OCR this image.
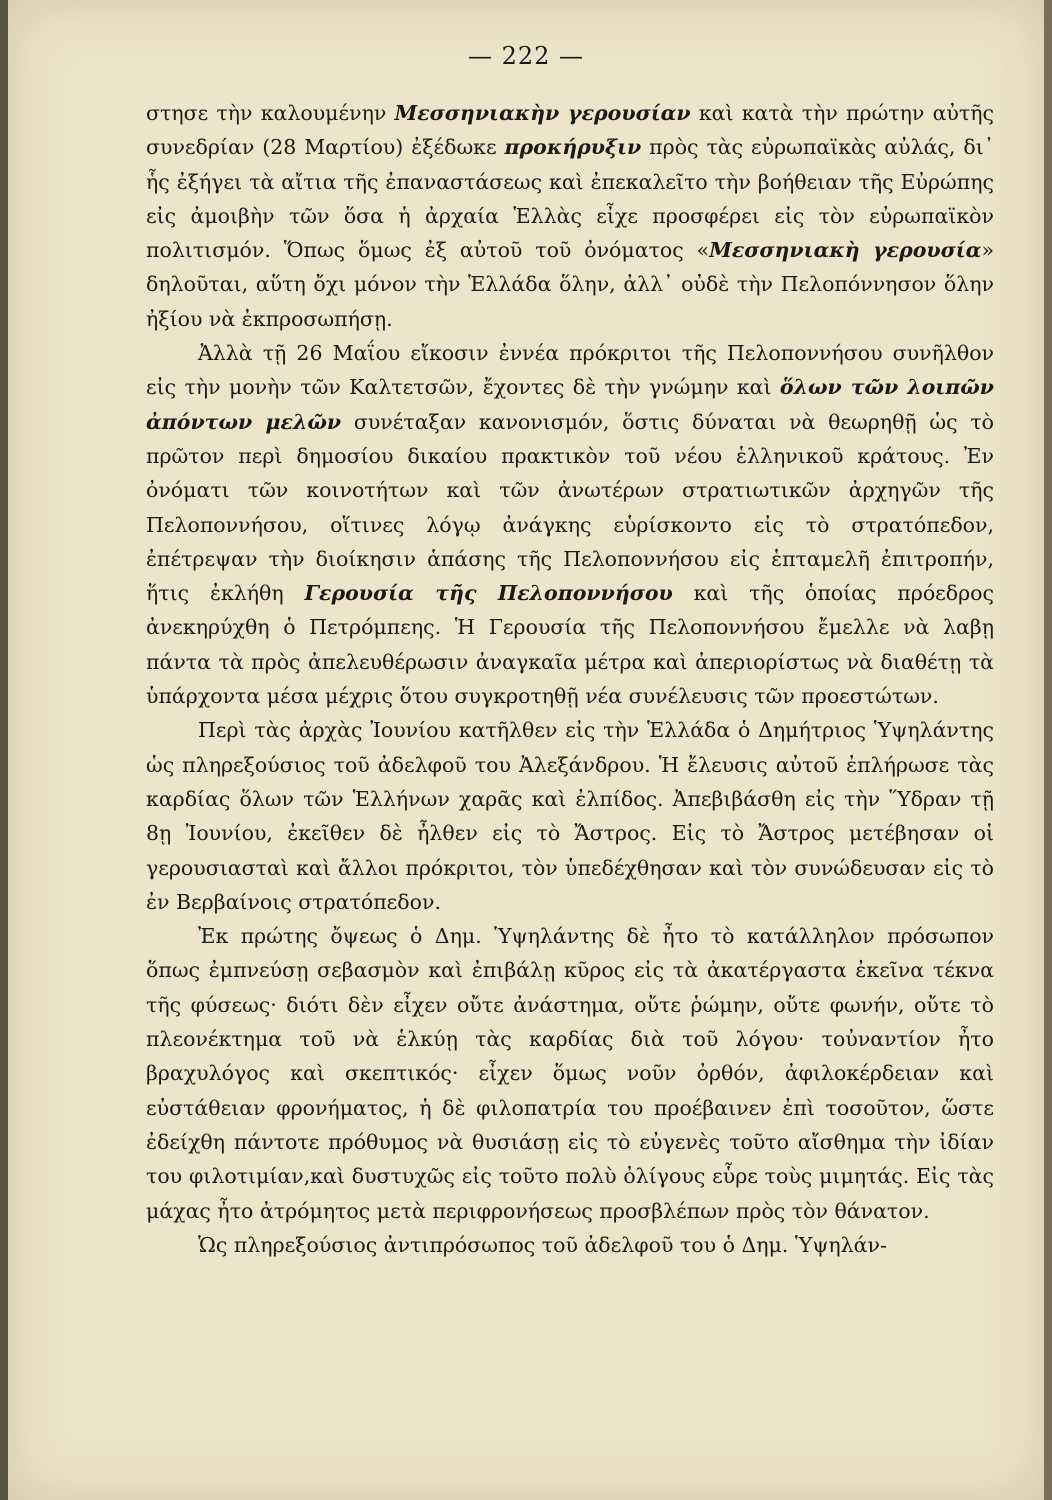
— 222 —

στησε τὴν καλουμένην Μεσσηνιακὴν γερουσίαν καὶ κατὰ τὴν πρώτην αὐτῆς συνεδρίαν (28 Μαρτίου) ἐξέδωκε προκήρυξιν πρὸς τὰς εὐρωπαϊκὰς αὐλάς, δι᾿ ἧς ἐξήγει τὰ αἴτια τῆς ἐπαναστάσεως καὶ ἐπεκαλεῖτο τὴν βοήθειαν τῆς Εὐρώπης εἰς ἀμοιβὴν τῶν ὅσα ἡ ἀρχαία Ἑλλὰς εἶχε προσφέρει εἰς τὸν εὐρωπαϊκὸν πολιτισμόν. Ὅπως ὅμως ἐξ αὐτοῦ τοῦ ὀνόματος «Μεσσηνιακὴ γερουσία» δηλοῦται, αὕτη ὄχι μόνον τὴν Ἑλλάδα ὅλην, ἀλλ᾿ οὐδὲ τὴν Πελοπόννησον ὅλην ἠξίου νὰ ἐκπροσωπήσῃ.

Ἀλλὰ τῇ 26 Μαΐου εἴκοσιν ἐννέα πρόκριτοι τῆς Πελοποννήσου συνῆλθον εἰς τὴν μονὴν τῶν Καλτετσῶν, ἔχοντες δὲ τὴν γνώμην καὶ ὅλων τῶν λοιπῶν ἀπόντων μελῶν συνέταξαν κανονισμόν, ὅστις δύναται νὰ θεωρηθῇ ὡς τὸ πρῶτον περὶ δημοσίου δικαίου πρακτικὸν τοῦ νέου ἑλληνικοῦ κράτους. Ἐν ὀνόματι τῶν κοινοτήτων καὶ τῶν ἀνωτέρων στρατιωτικῶν ἀρχηγῶν τῆς Πελοποννήσου, οἵτινες λόγῳ ἀνάγκης εὑρίσκοντο εἰς τὸ στρατόπεδον, ἐπέτρεψαν τὴν διοίκησιν ἁπάσης τῆς Πελοποννήσου εἰς ἑπταμελῆ ἐπιτροπήν, ἥτις ἐκλήθη Γερουσία τῆς Πελοποννήσου καὶ τῆς ὁποίας πρόεδρος ἀνεκηρύχθη ὁ Πετρόμπεης. Ἡ Γερουσία τῆς Πελοποννήσου ἔμελλε νὰ λαβῃ πάντα τὰ πρὸς ἀπελευθέρωσιν ἀναγκαῖα μέτρα καὶ ἀπεριορίστως νὰ διαθέτῃ τὰ ὑπάρχοντα μέσα μέχρις ὅτου συγκροτηθῇ νέα συνέλευσις τῶν προεστώτων.

Περὶ τὰς ἀρχὰς Ἰουνίου κατῆλθεν εἰς τὴν Ἑλλάδα ὁ Δημήτριος Ὑψηλάντης ὡς πληρεξούσιος τοῦ ἀδελφοῦ του Ἀλεξάνδρου. Ἡ ἔλευσις αὐτοῦ ἐπλήρωσε τὰς καρδίας ὅλων τῶν Ἑλλήνων χαρᾶς καὶ ἐλπίδος. Ἀπεβιβάσθη εἰς τὴν Ὕδραν τῇ 8ῃ Ἰουνίου, ἐκεῖθεν δὲ ἦλθεν εἰς τὸ Ἄστρος. Εἰς τὸ Ἄστρος μετέβησαν οἱ γερουσιασταὶ καὶ ἄλλοι πρόκριτοι, τὸν ὑπεδέχθησαν καὶ τὸν συνώδευσαν εἰς τὸ ἐν Βερβαίνοις στρατόπεδον.

Ἐκ πρώτης ὄψεως ὁ Δημ. Ὑψηλάντης δὲ ἦτο τὸ κατάλληλον πρόσωπον ὅπως ἐμπνεύσῃ σεβασμὸν καὶ ἐπιβάλῃ κῦρος εἰς τὰ ἀκατέργαστα ἐκεῖνα τέκνα τῆς φύσεως· διότι δὲν εἶχεν οὔτε ἀνάστημα, οὔτε ῥώμην, οὔτε φωνήν, οὔτε τὸ πλεονέκτημα τοῦ νὰ ἑλκύῃ τὰς καρδίας διὰ τοῦ λόγου· τοὐναντίον ἦτο βραχυλόγος καὶ σκεπτικός· εἶχεν ὅμως νοῦν ὀρθόν, ἀφιλοκέρδειαν καὶ εὐστάθειαν φρονήματος, ἡ δὲ φιλοπατρία του προέβαινεν ἐπὶ τοσοῦτον, ὥστε ἐδείχθη πάντοτε πρόθυμος νὰ θυσιάσῃ εἰς τὸ εὐγενὲς τοῦτο αἴσθημα τὴν ἰδίαν του φιλοτιμίαν,καὶ δυστυχῶς εἰς τοῦτο πολὺ ὀλίγους εὗρε τοὺς μιμητάς. Εἰς τὰς μάχας ἦτο ἀτρόμητος μετὰ περιφρονήσεως προσβλέπων πρὸς τὸν θάνατον.

Ὡς πληρεξούσιος ἀντιπρόσωπος τοῦ ἀδελφοῦ του ὁ Δημ. Ὑψηλάν-
